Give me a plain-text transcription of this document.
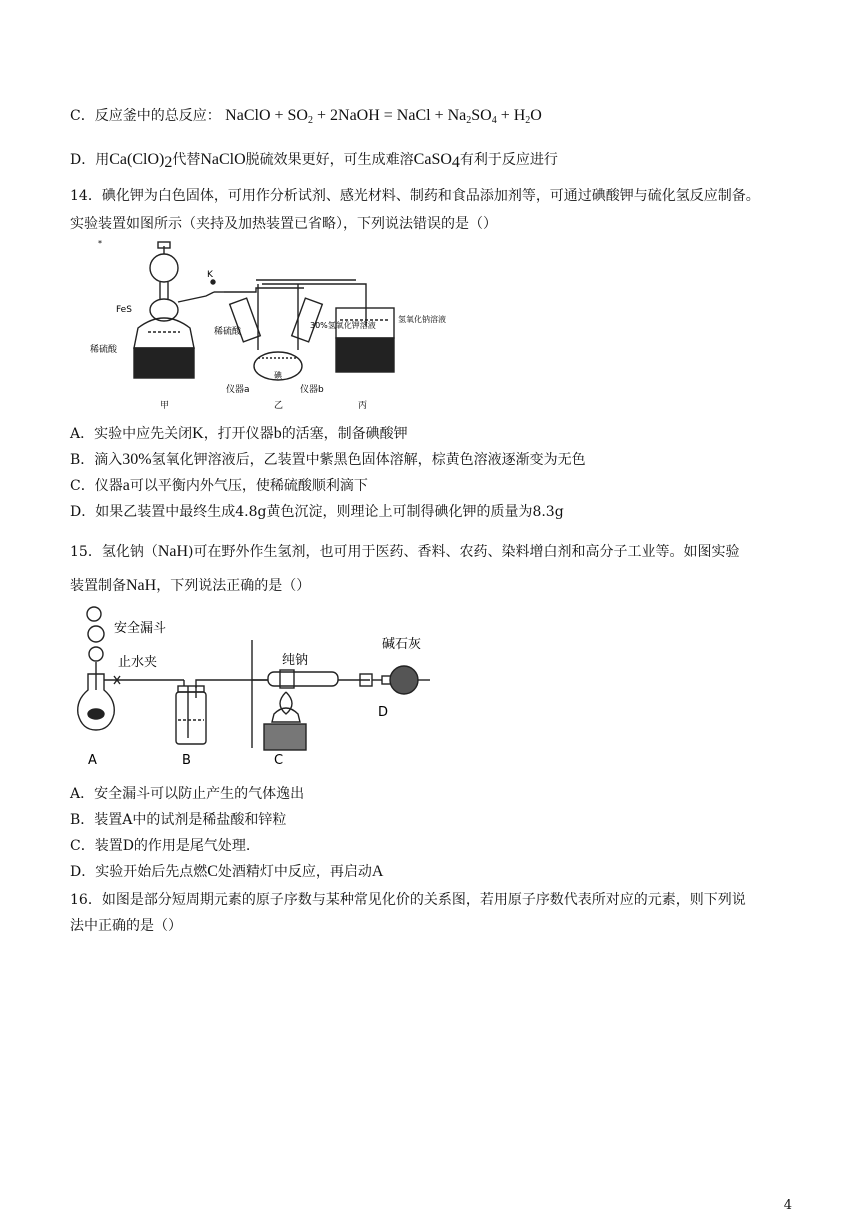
C．反应釜中的总反应： NaClO + $SO_2$ + 2NaOH = NaCl + $Na_2SO_4 + H_2O$
D．用$Ca(ClO)_2$代替NaClO脱硫效果更好，可生成难溶CaSO$_4$有利于反应进行
14．碘化钾为白色固体，可用作分析试剂、感光材料、制药和食品添加剂等，可通过碘酸钾与硫化氢反应制备。
实验装置如图所示（夹持及加热装置已省略），下列说法错误的是（）
*
K
FeS
稀硫酸
稀硫酸
30%氢氧化钾溶液
氢氧化钠溶液
碘
仪器a	仪器b
甲	乙	丙
A．实验中应先关闭K，打开仪器b的活塞，制备碘酸钾
B．滴入30%氢氧化钾溶液后，乙装置中紫黑色固体溶解，棕黄色溶液逐渐变为无色
C．仪器a可以平衡内外气压，使稀硫酸顺利滴下
D．如果乙装置中最终生成4.8g黄色沉淀，则理论上可制得碘化钾的质量为8.3g
15．氢化钠（NaH)可在野外作生氢剂，也可用于医药、香料、农药、染料增白剂和高分子工业等。如图实验
装置制备NaH，下列说法正确的是（）
安全漏斗
止水夹	纯钠
碱石灰
A	B	C
D
A．安全漏斗可以防止产生的气体逸出
B．装置A中的试剂是稀盐酸和锌粒
C．装置D的作用是尾气处理.
D．实验开始后先点燃C处酒精灯中反应，再启动A
16．如图是部分短周期元素的原子序数与某种常见化价的关系图，若用原子序数代表所对应的元素，则下列说
法中正确的是（）
4
